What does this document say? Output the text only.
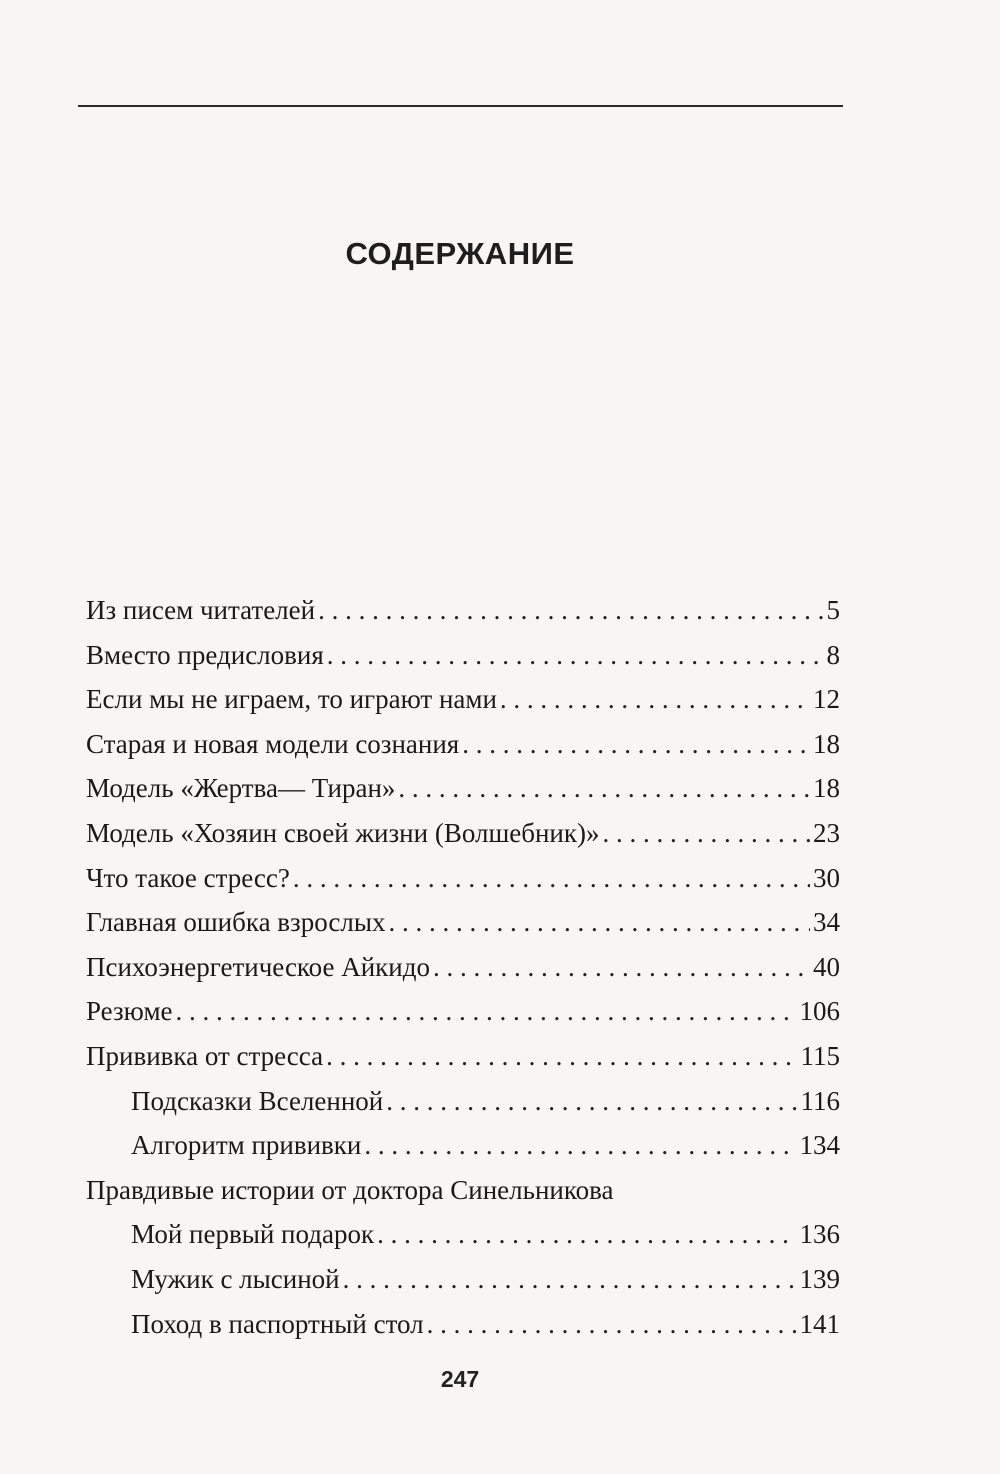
СОДЕРЖАНИЕ
Из писем читателей . . .	5
Вместо предисловия . . .	8
Если мы не играем, то играют нами . . .	12
Старая и новая модели сознания . . .	18
Модель «Жертва— Тиран» . . .	18
Модель «Хозяин своей жизни (Волшебник)» . . .	23
Что такое стресс? . . .	30
Главная ошибка взрослых . . .	34
Психоэнергетическое Айкидо . . .	40
Резюме . . .	106
Прививка от стресса . . .	115
Подсказки Вселенной . . .	116
Алгоритм прививки . . .	134
Правдивые истории от доктора Синельникова
Мой первый подарок . . .	136
Мужик с лысиной . . .	139
Поход в паспортный стол . . .	141
247
